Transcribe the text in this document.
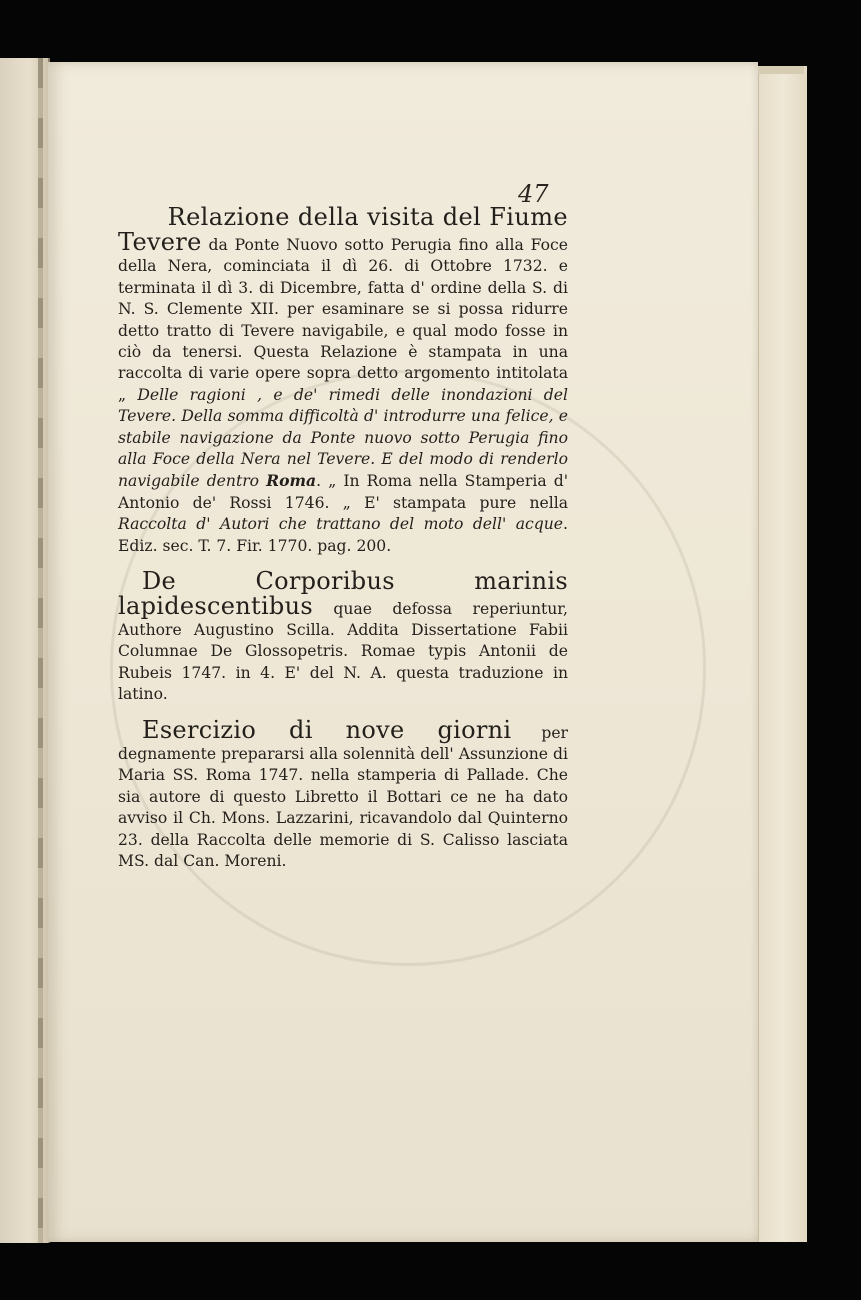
47

Relazione della visita del Fiume
Tevere da Ponte Nuovo sotto Perugia fino alla Foce della Nera, cominciata il dì 26. di Ottobre 1732. e terminata il dì 3. di Dicembre, fatta d' ordine della S. di N. S. Clemente XII. per esaminare se si possa ridurre detto tratto di Tevere navigabile, e qual modo fosse in ciò da tenersi. Questa Relazione è stampata in una raccolta di varie opere sopra detto argomento intitolata „ Delle ragioni , e de' rimedi delle inondazioni del Tevere. Della somma difficoltà d' introdurre una felice, e stabile navigazione da Ponte nuovo sotto Perugia fino alla Foce della Nera nel Tevere. E del modo di renderlo navigabile dentro Roma. „ In Roma nella Stamperia d' Antonio de' Rossi 1746. „ E' stampata pure nella Raccolta d' Autori che trattano del moto dell' acque. Ediz. sec. T. 7. Fir. 1770. pag. 200.

De Corporibus marinis lapidescentibus quae defossa reperiuntur, Authore Augustino Scilla. Addita Dissertatione Fabii Columnae De Glossopetris. Romae typis Antonii de Rubeis 1747. in 4. E' del N. A. questa traduzione in latino.

Esercizio di nove giorni per degnamente prepararsi alla solennità dell' Assunzione di Maria SS. Roma 1747. nella stamperia di Pallade. Che sia autore di questo Libretto il Bottari ce ne ha dato avviso il Ch. Mons. Lazzarini, ricavandolo dal Quinterno 23. della Raccolta delle memorie di S. Calisso lasciata MS. dal Can. Moreni.
